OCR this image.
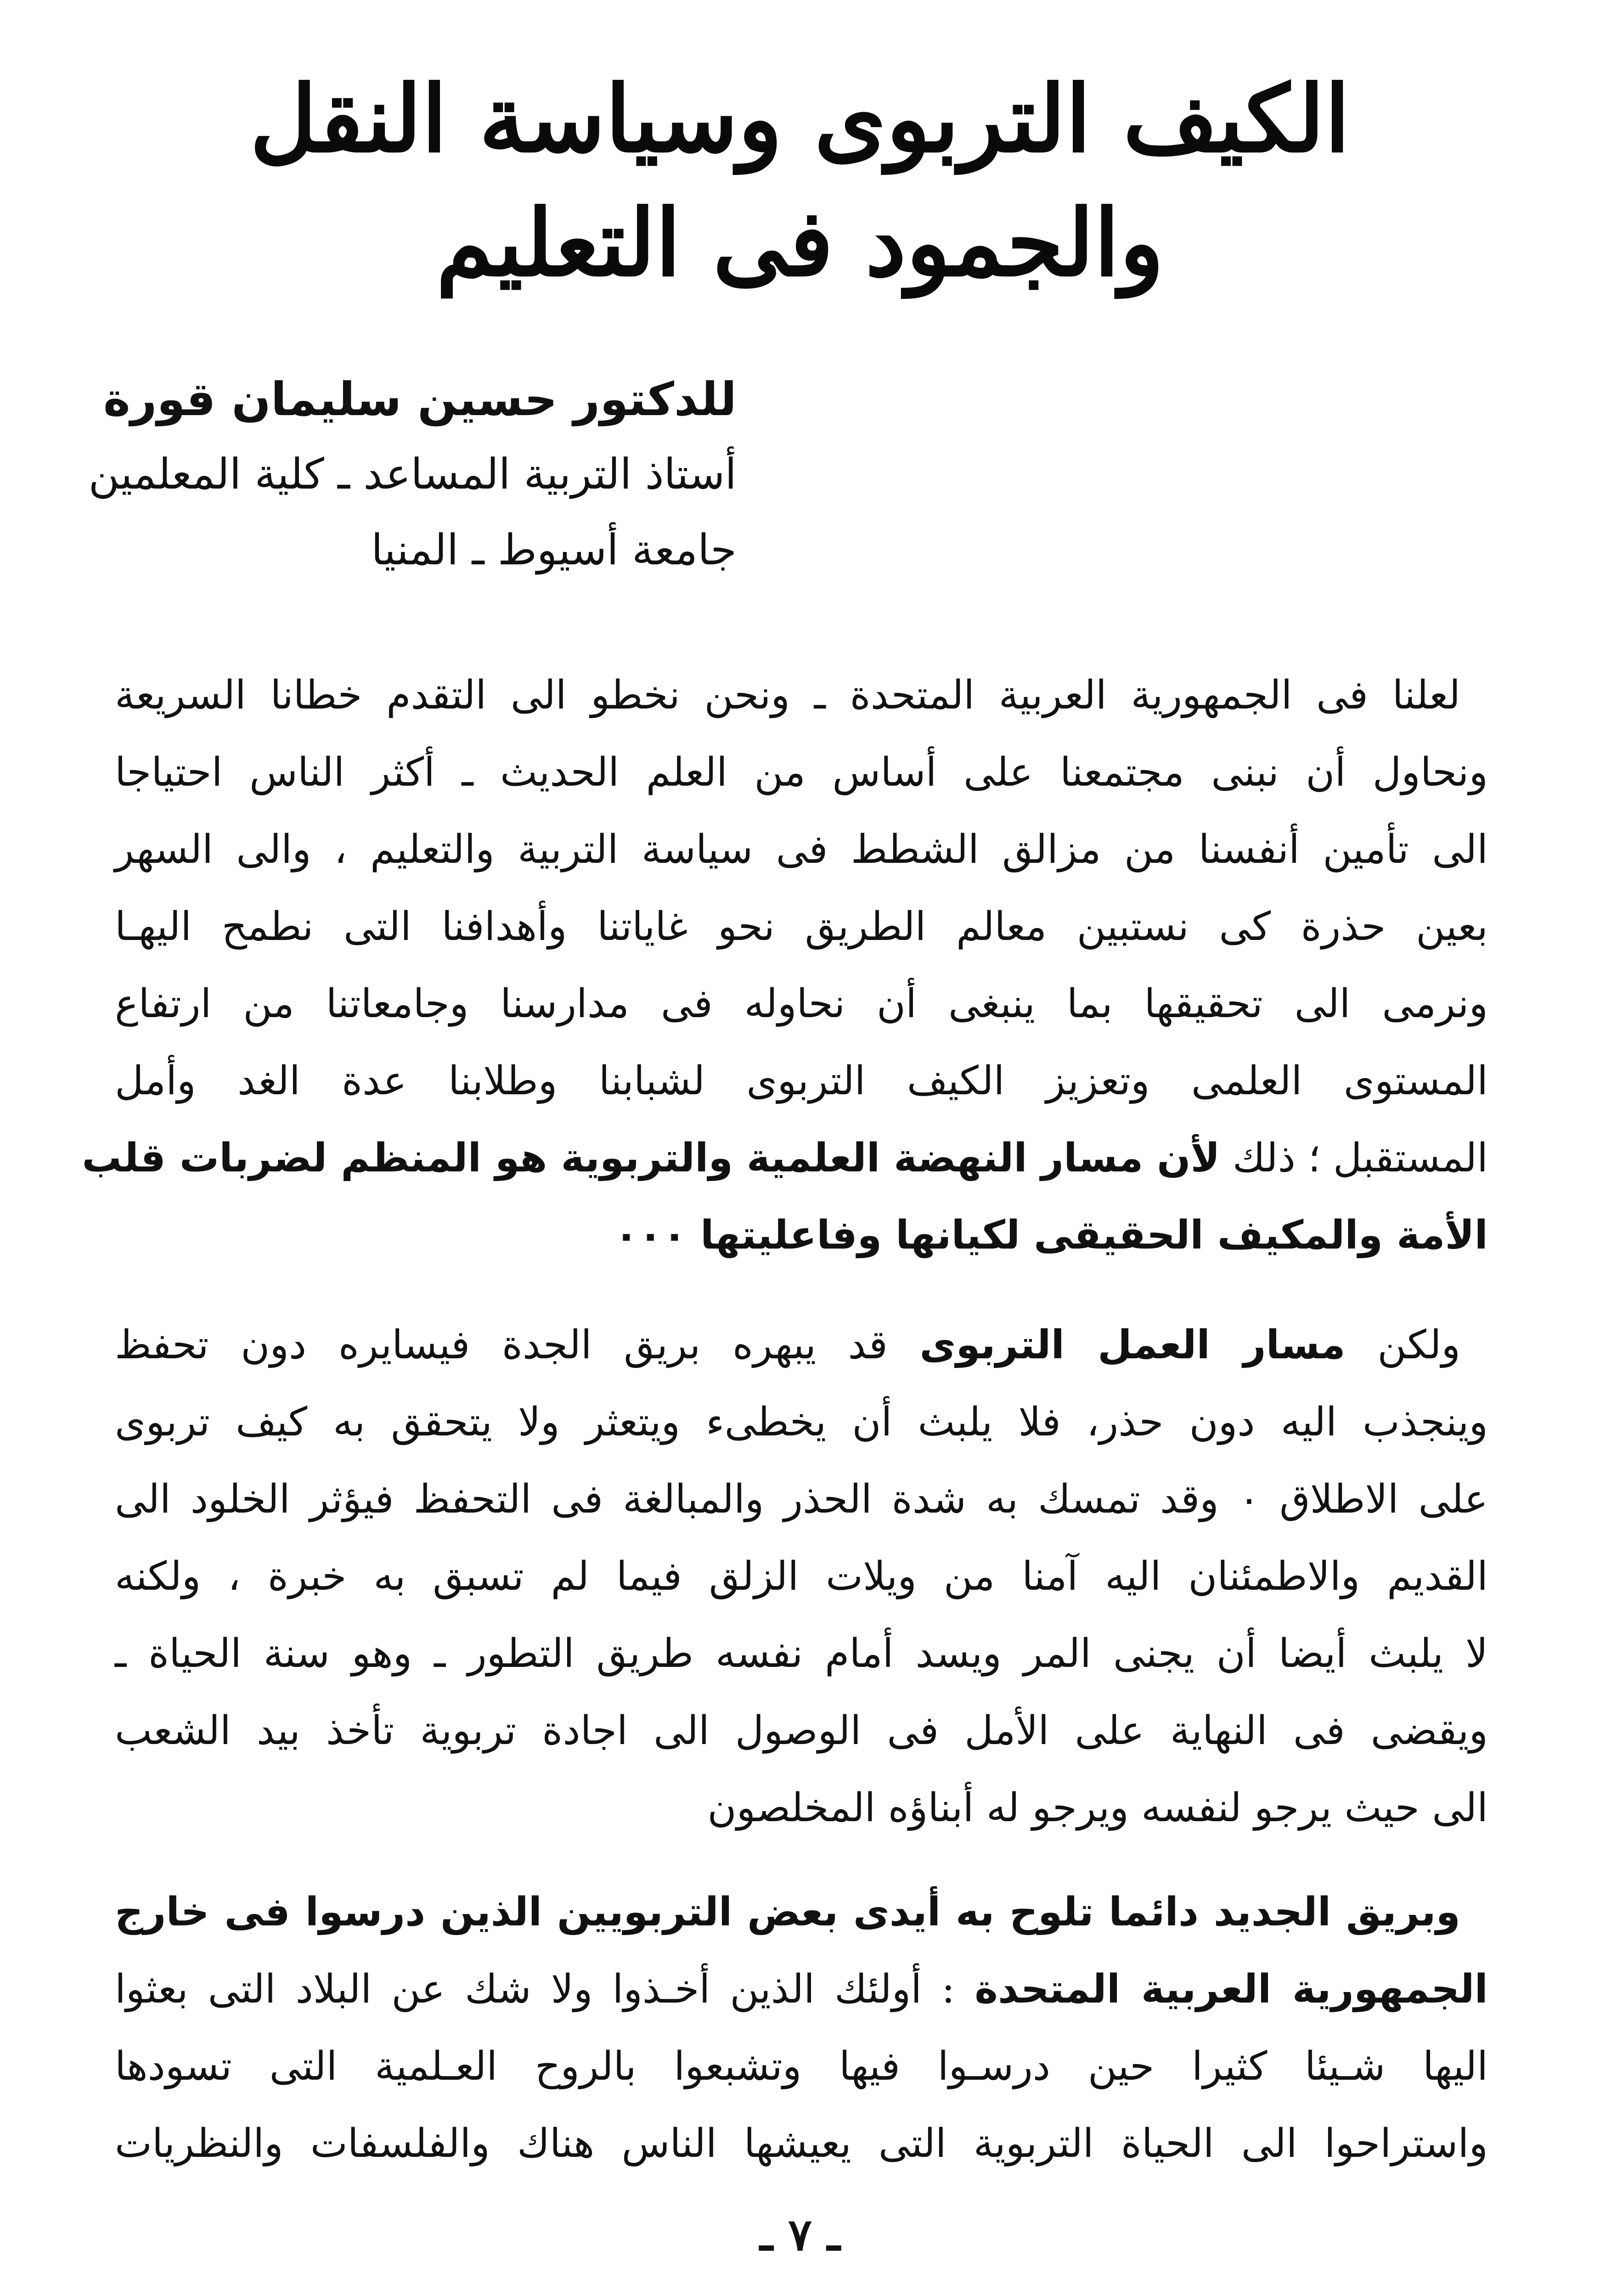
الكيف التربوى وسياسة النقل
والجمود فى التعليم

للدكتور حسين سليمان قورة

أستاذ التربية المساعد ـ كلية المعلمين

جامعة أسيوط ـ المنيا

لعلنا فى الجمهورية العربية المتحدة ـ ونحن نخطو الى التقدم خطانا السريعة
ونحاول أن نبنى مجتمعنا على أساس من العلم الحديث ـ أكثر الناس احتياجا
الى تأمين أنفسنا من مزالق الشطط فى سياسة التربية والتعليم ، والى السهر
بعين حذرة كى نستبين معالم الطريق نحو غاياتنا وأهدافنا التى نطمح اليهـا
ونرمى الى تحقيقها بما ينبغى أن نحاوله فى مدارسنا وجامعاتنا من ارتفاع
المستوى العلمى وتعزيز الكيف التربوى لشبابنا وطلابنا عدة الغد وأمل
المستقبل ؛ ذلك لأن مسار النهضة العلمية والتربوية هو المنظم لضربات قلب
الأمة والمكيف الحقيقى لكيانها وفاعليتها ٠٠٠
ولكن مسار العمل التربوى قد يبهره بريق الجدة فيسايره دون تحفظ
وينجذب اليه دون حذر، فلا يلبث أن يخطىء ويتعثر ولا يتحقق به كيف تربوى
على الاطلاق ٠ وقد تمسك به شدة الحذر والمبالغة فى التحفظ فيؤثر الخلود الى
القديم والاطمئنان اليه آمنا من ويلات الزلق فيما لم تسبق به خبرة ، ولكنه
لا يلبث أيضا أن يجنى المر ويسد أمام نفسه طريق التطور ـ وهو سنة الحياة ـ
ويقضى فى النهاية على الأمل فى الوصول الى اجادة تربوية تأخذ بيد الشعب
الى حيث يرجو لنفسه ويرجو له أبناؤه المخلصون
وبريق الجديد دائما تلوح به أيدى بعض التربويين الذين درسوا فى خارج
الجمهورية العربية المتحدة : أولئك الذين أخـذوا ولا شك عن البلاد التى بعثوا
اليها شـيئا كثيرا حين درسـوا فيها وتشبعوا بالروح العـلمية التى تسودها
واستراحوا الى الحياة التربوية التى يعيشها الناس هناك والفلسفات والنظريات

ـ ٧ ـ
